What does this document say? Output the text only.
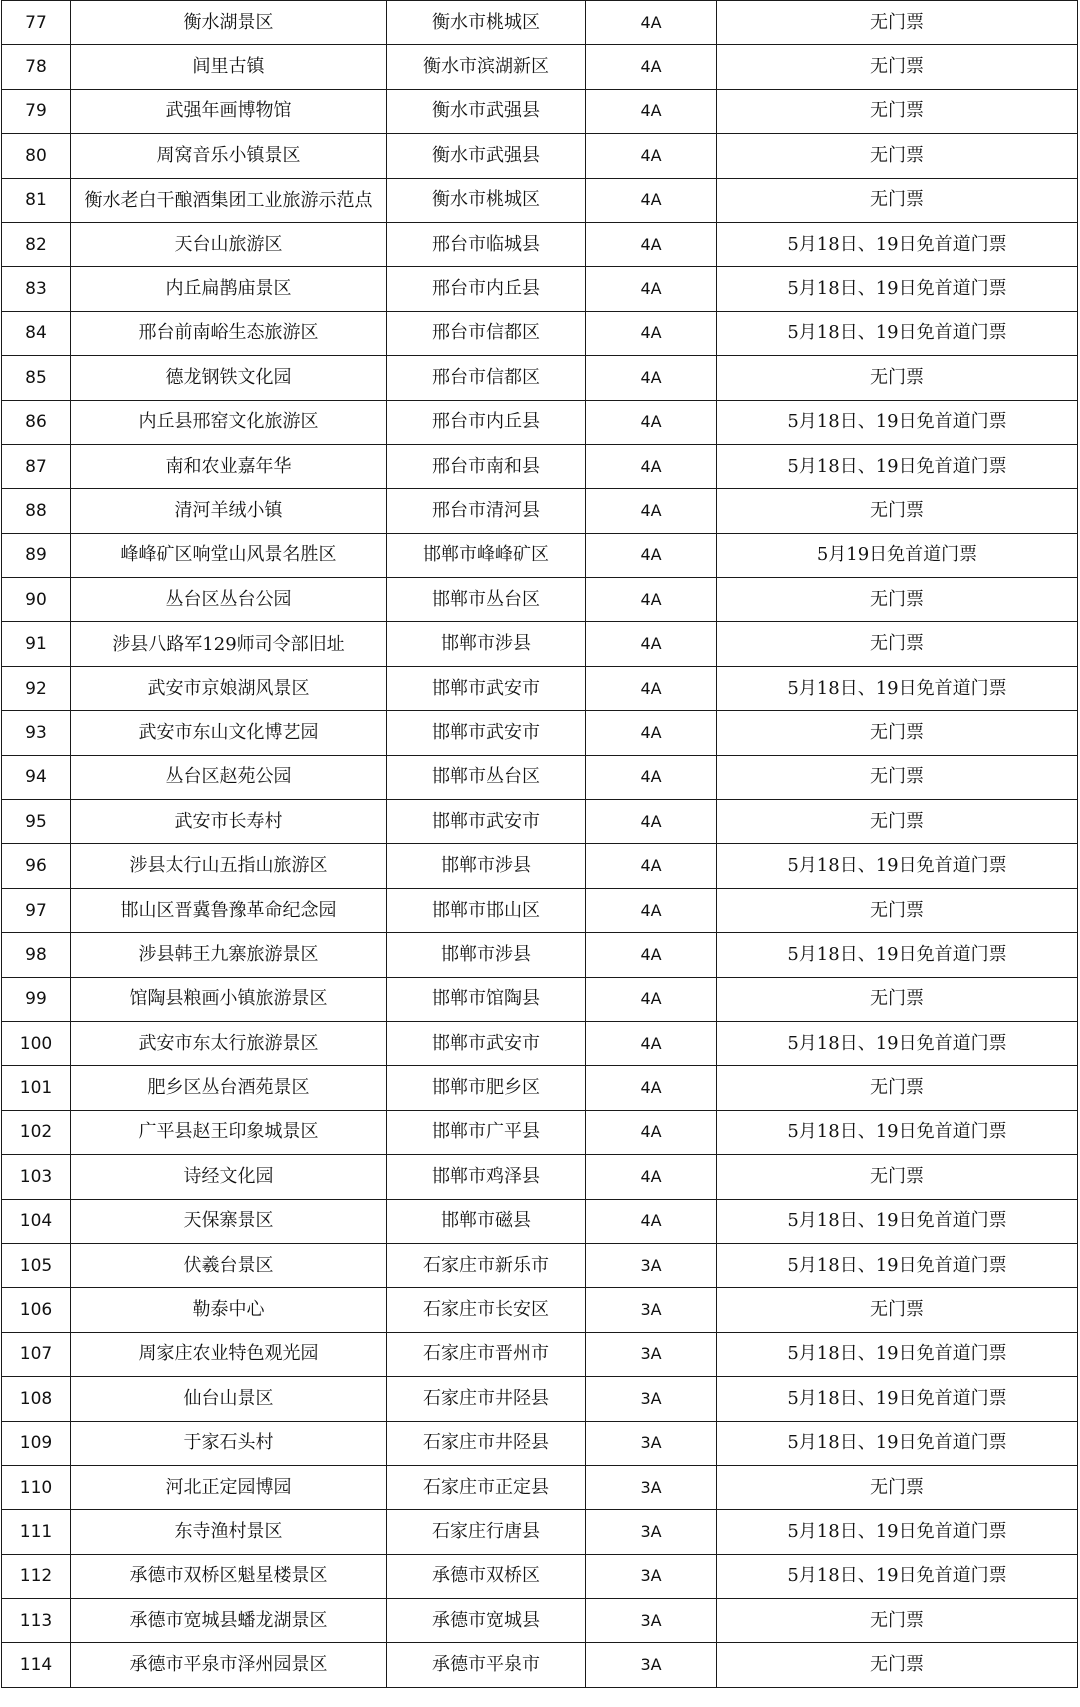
77	衡水湖景区	衡水市桃城区	4A	无门票
78	闾里古镇	衡水市滨湖新区	4A	无门票
79	武强年画博物馆	衡水市武强县	4A	无门票
80	周窝音乐小镇景区	衡水市武强县	4A	无门票
81	衡水老白干酿酒集团工业旅游示范点	衡水市桃城区	4A	无门票
82	天台山旅游区	邢台市临城县	4A	5月18日、19日免首道门票
83	内丘扁鹊庙景区	邢台市内丘县	4A	5月18日、19日免首道门票
84	邢台前南峪生态旅游区	邢台市信都区	4A	5月18日、19日免首道门票
85	德龙钢铁文化园	邢台市信都区	4A	无门票
86	内丘县邢窑文化旅游区	邢台市内丘县	4A	5月18日、19日免首道门票
87	南和农业嘉年华	邢台市南和县	4A	5月18日、19日免首道门票
88	清河羊绒小镇	邢台市清河县	4A	无门票
89	峰峰矿区响堂山风景名胜区	邯郸市峰峰矿区	4A	5月19日免首道门票
90	丛台区丛台公园	邯郸市丛台区	4A	无门票
91	涉县八路军129师司令部旧址	邯郸市涉县	4A	无门票
92	武安市京娘湖风景区	邯郸市武安市	4A	5月18日、19日免首道门票
93	武安市东山文化博艺园	邯郸市武安市	4A	无门票
94	丛台区赵苑公园	邯郸市丛台区	4A	无门票
95	武安市长寿村	邯郸市武安市	4A	无门票
96	涉县太行山五指山旅游区	邯郸市涉县	4A	5月18日、19日免首道门票
97	邯山区晋冀鲁豫革命纪念园	邯郸市邯山区	4A	无门票
98	涉县韩王九寨旅游景区	邯郸市涉县	4A	5月18日、19日免首道门票
99	馆陶县粮画小镇旅游景区	邯郸市馆陶县	4A	无门票
100	武安市东太行旅游景区	邯郸市武安市	4A	5月18日、19日免首道门票
101	肥乡区丛台酒苑景区	邯郸市肥乡区	4A	无门票
102	广平县赵王印象城景区	邯郸市广平县	4A	5月18日、19日免首道门票
103	诗经文化园	邯郸市鸡泽县	4A	无门票
104	天保寨景区	邯郸市磁县	4A	5月18日、19日免首道门票
105	伏羲台景区	石家庄市新乐市	3A	5月18日、19日免首道门票
106	勒泰中心	石家庄市长安区	3A	无门票
107	周家庄农业特色观光园	石家庄市晋州市	3A	5月18日、19日免首道门票
108	仙台山景区	石家庄市井陉县	3A	5月18日、19日免首道门票
109	于家石头村	石家庄市井陉县	3A	5月18日、19日免首道门票
110	河北正定园博园	石家庄市正定县	3A	无门票
111	东寺渔村景区	石家庄行唐县	3A	5月18日、19日免首道门票
112	承德市双桥区魁星楼景区	承德市双桥区	3A	5月18日、19日免首道门票
113	承德市宽城县蟠龙湖景区	承德市宽城县	3A	无门票
114	承德市平泉市泽州园景区	承德市平泉市	3A	无门票
